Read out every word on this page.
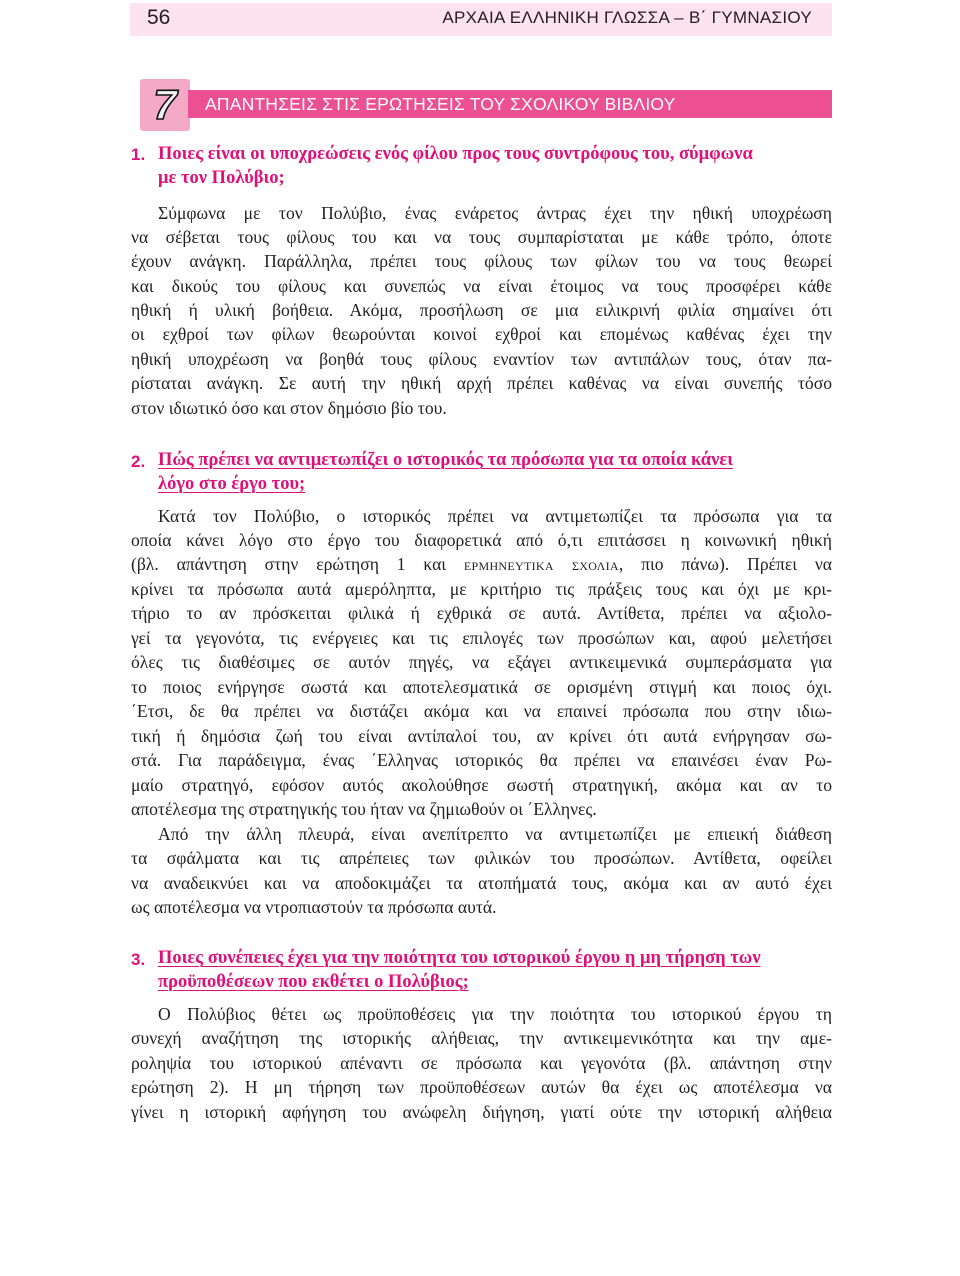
56	ΑΡΧΑΙΑ ΕΛΛΗΝΙΚΗ ΓΛΩΣΣΑ – Β΄ ΓΥΜΝΑΣΙΟΥ
7	ΑΠΑΝΤΗΣΕΙΣ ΣΤΙΣ ΕΡΩΤΗΣΕΙΣ ΤΟΥ ΣΧΟΛΙΚΟΥ ΒΙΒΛΙΟΥ
1. Ποιες είναι οι υποχρεώσεις ενός φίλου προς τους συντρόφους του, σύμφωνα
με τον Πολύβιο;
Σύμφωνα με τον Πολύβιο, ένας ενάρετος άντρας έχει την ηθική υποχρέωση
να σέβεται τους φίλους του και να τους συμπαρίσταται με κάθε τρόπο, όποτε
έχουν ανάγκη. Παράλληλα, πρέπει τους φίλους των φίλων του να τους θεωρεί
και δικούς του φίλους και συνεπώς να είναι έτοιμος να τους προσφέρει κάθε
ηθική ή υλική βοήθεια. Ακόμα, προσήλωση σε μια ειλικρινή φιλία σημαίνει ότι
οι εχθροί των φίλων θεωρούνται κοινοί εχθροί και επομένως καθένας έχει την
ηθική υποχρέωση να βοηθά τους φίλους εναντίον των αντιπάλων τους, όταν πα-
ρίσταται ανάγκη. Σε αυτή την ηθική αρχή πρέπει καθένας να είναι συνεπής τόσο
στον ιδιωτικό όσο και στον δημόσιο βίο του.
2. Πώς πρέπει να αντιμετωπίζει ο ιστορικός τα πρόσωπα για τα οποία κάνει
λόγο στο έργο του;
Κατά τον Πολύβιο, ο ιστορικός πρέπει να αντιμετωπίζει τα πρόσωπα για τα
οποία κάνει λόγο στο έργο του διαφορετικά από ό,τι επιτάσσει η κοινωνική ηθική
(βλ. απάντηση στην ερώτηση 1 και ερμηνευτικα σχολια, πιο πάνω). Πρέπει να
κρίνει τα πρόσωπα αυτά αμερόληπτα, με κριτήριο τις πράξεις τους και όχι με κρι-
τήριο το αν πρόσκειται φιλικά ή εχθρικά σε αυτά. Αντίθετα, πρέπει να αξιολο-
γεί τα γεγονότα, τις ενέργειες και τις επιλογές των προσώπων και, αφού μελετήσει
όλες τις διαθέσιμες σε αυτόν πηγές, να εξάγει αντικειμενικά συμπεράσματα για
το ποιος ενήργησε σωστά και αποτελεσματικά σε ορισμένη στιγμή και ποιος όχι.
΄Ετσι, δε θα πρέπει να διστάζει ακόμα και να επαινεί πρόσωπα που στην ιδιω-
τική ή δημόσια ζωή του είναι αντίπαλοί του, αν κρίνει ότι αυτά ενήργησαν σω-
στά. Για παράδειγμα, ένας ΄Ελληνας ιστορικός θα πρέπει να επαινέσει έναν Ρω-
μαίο στρατηγό, εφόσον αυτός ακολούθησε σωστή στρατηγική, ακόμα και αν το
αποτέλεσμα της στρατηγικής του ήταν να ζημιωθούν οι ΄Ελληνες.
Από την άλλη πλευρά, είναι ανεπίτρεπτο να αντιμετωπίζει με επιεική διάθεση
τα σφάλματα και τις απρέπειες των φιλικών του προσώπων. Αντίθετα, οφείλει
να αναδεικνύει και να αποδοκιμάζει τα ατοπήματά τους, ακόμα και αν αυτό έχει
ως αποτέλεσμα να ντροπιαστούν τα πρόσωπα αυτά.
3. Ποιες συνέπειες έχει για την ποιότητα του ιστορικού έργου η μη τήρηση των
προϋποθέσεων που εκθέτει ο Πολύβιος;
Ο Πολύβιος θέτει ως προϋποθέσεις για την ποιότητα του ιστορικού έργου τη
συνεχή αναζήτηση της ιστορικής αλήθειας, την αντικειμενικότητα και την αμε-
ροληψία του ιστορικού απέναντι σε πρόσωπα και γεγονότα (βλ. απάντηση στην
ερώτηση 2). Η μη τήρηση των προϋποθέσεων αυτών θα έχει ως αποτέλεσμα να
γίνει η ιστορική αφήγηση του ανώφελη διήγηση, γιατί ούτε την ιστορική αλήθεια
